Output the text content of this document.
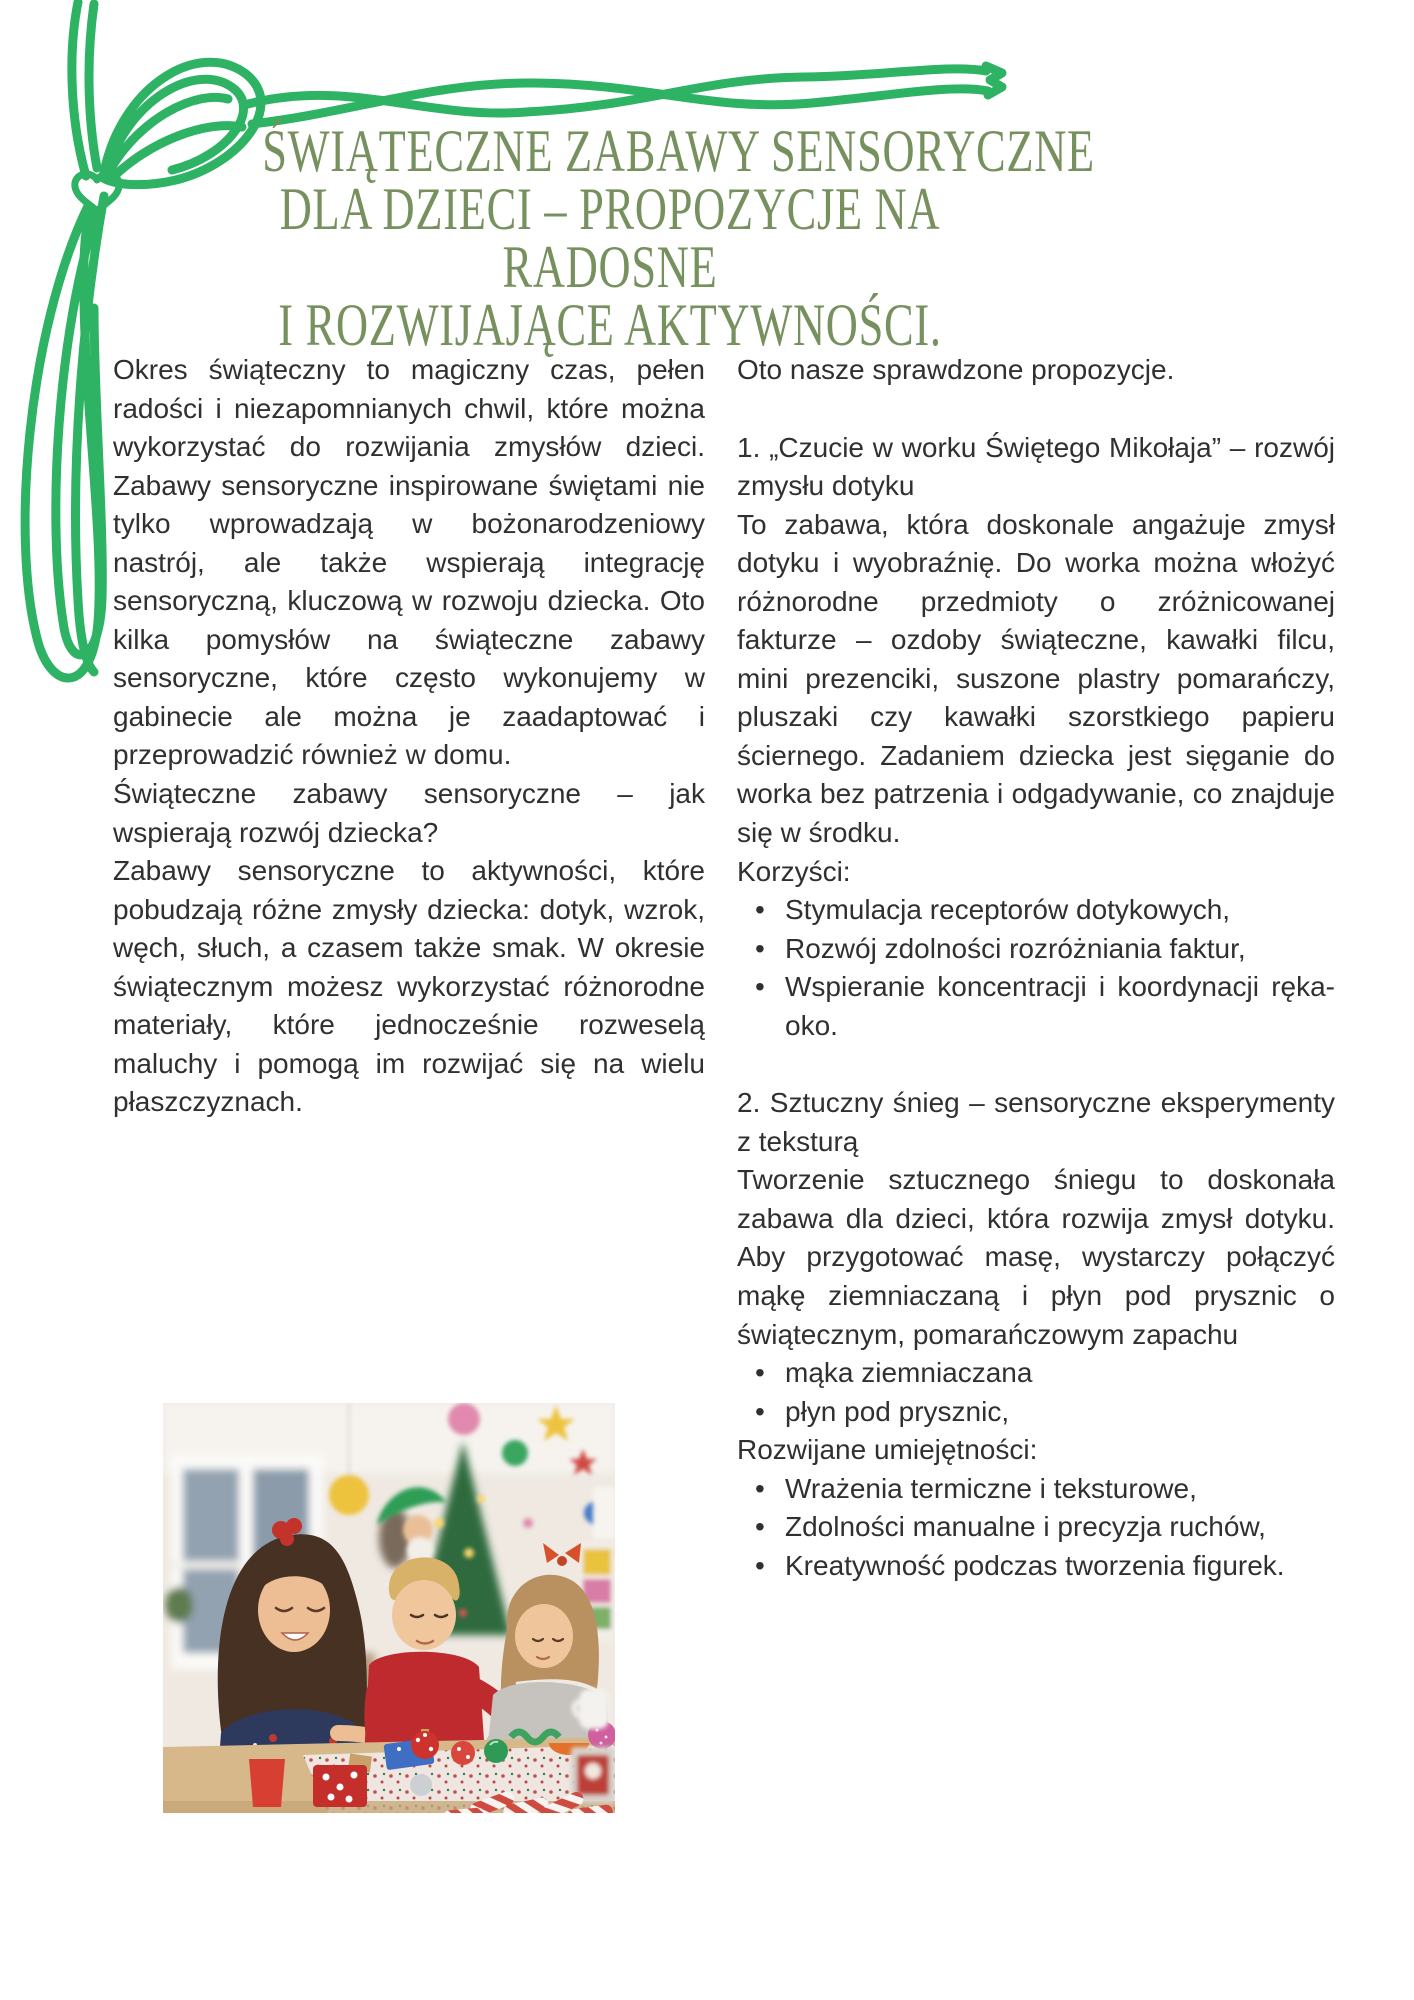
ŚWIĄTECZNE ZABAWY SENSORYCZNE
DLA DZIECI – PROPOZYCJE NA
RADOSNE
I ROZWIJAJĄCE AKTYWNOŚCI.

Okres świąteczny to magiczny czas, pełen radości i niezapomnianych chwil, które można wykorzystać do rozwijania zmysłów dzieci. Zabawy sensoryczne inspirowane świętami nie tylko wprowadzają w bożonarodzeniowy nastrój, ale także wspierają integrację sensoryczną, kluczową w rozwoju dziecka. Oto kilka pomysłów na świąteczne zabawy sensoryczne, które często wykonujemy w gabinecie ale można je zaadaptować i przeprowadzić również w domu.

Świąteczne zabawy sensoryczne – jak wspierają rozwój dziecka?

Zabawy sensoryczne to aktywności, które pobudzają różne zmysły dziecka: dotyk, wzrok, węch, słuch, a czasem także smak. W okresie świątecznym możesz wykorzystać różnorodne materiały, które jednocześnie rozweselą maluchy i pomogą im rozwijać się na wielu płaszczyznach.

Oto nasze sprawdzone propozycje.

1. „Czucie w worku Świętego Mikołaja” – rozwój zmysłu dotyku

To zabawa, która doskonale angażuje zmysł dotyku i wyobraźnię. Do worka można włożyć różnorodne przedmioty o zróżnicowanej fakturze – ozdoby świąteczne, kawałki filcu, mini prezenciki, suszone plastry pomarańczy, pluszaki czy kawałki szorstkiego papieru ściernego. Zadaniem dziecka jest sięganie do worka bez patrzenia i odgadywanie, co znajduje się w środku.

Korzyści:

• Stymulacja receptorów dotykowych,
• Rozwój zdolności rozróżniania faktur,
• Wspieranie koncentracji i koordynacji ręka-oko.

2. Sztuczny śnieg – sensoryczne eksperymenty z teksturą

Tworzenie sztucznego śniegu to doskonała zabawa dla dzieci, która rozwija zmysł dotyku. Aby przygotować masę, wystarczy połączyć mąkę ziemniaczaną i płyn pod prysznic o świątecznym, pomarańczowym zapachu

• mąka ziemniaczana
• płyn pod prysznic,

Rozwijane umiejętności:

• Wrażenia termiczne i teksturowe,
• Zdolności manualne i precyzja ruchów,
• Kreatywność podczas tworzenia figurek.
